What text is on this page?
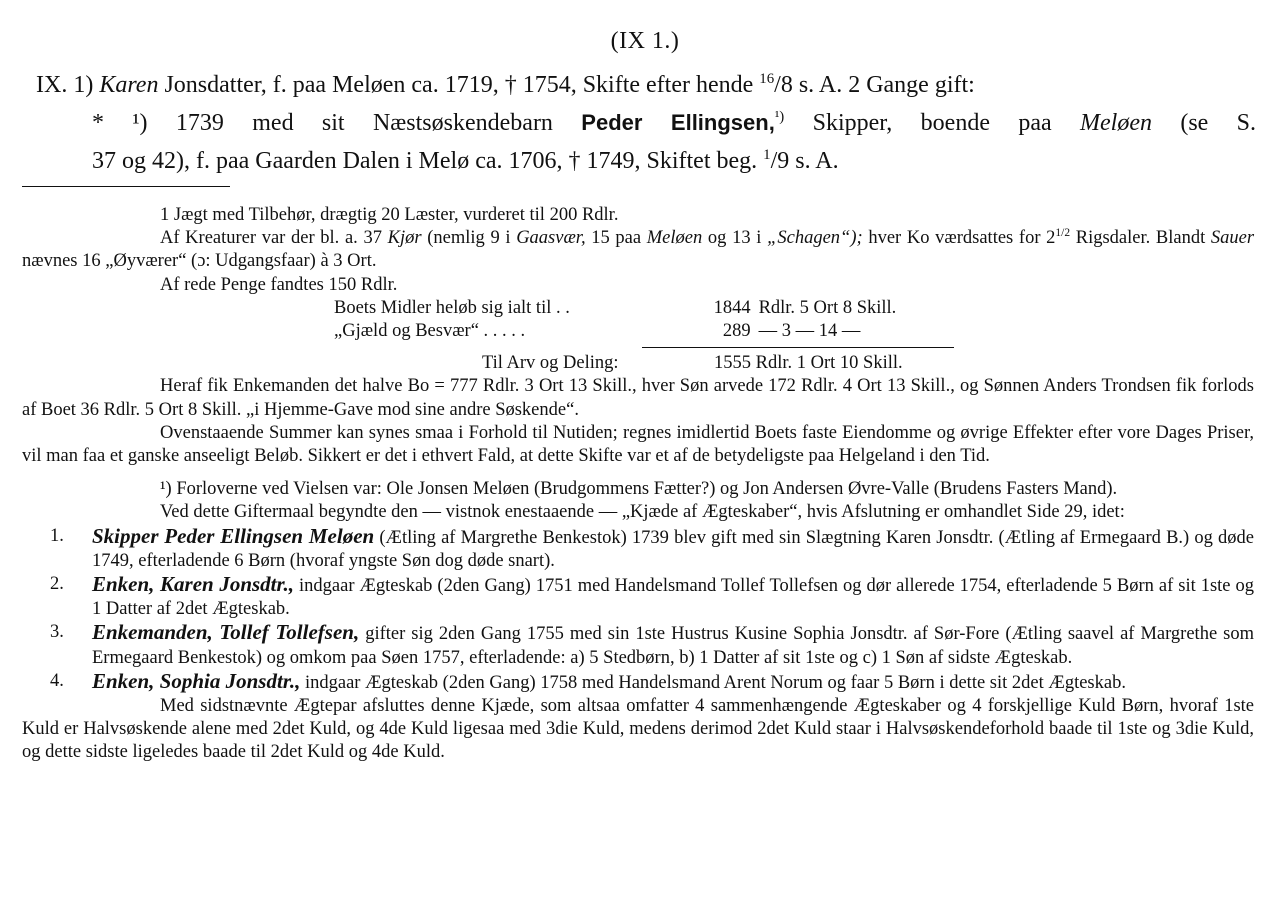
(IX 1.)

IX. 1) Karen Jonsdatter, f. paa Meløen ca. 1719, † 1754, Skifte efter hende $^{16}$/8 s. A. 2 Gange gift:

* ¹) 1739 med sit Næstsøskendebarn Peder Ellingsen,$^{^1)}$ Skipper, boende paa Meløen (se S.

37 og 42), f. paa Gaarden Dalen i Melø ca. 1706, † 1749, Skiftet beg. $^1$/9 s. A.

1 Jægt med Tilbehør, drægtig 20 Læster, vurderet til 200 Rdlr.

Af Kreaturer var der bl. a. 37 Kjør (nemlig 9 i Gaasvær, 15 paa Meløen og 13 i „Schagen“); hver Ko værdsattes for $2^{1/2}$ Rigsdaler. Blandt Sauer nævnes 16 „Øyværer“ (ɔ: Udgangsfaar) à 3 Ort.

Af rede Penge fandtes 150 Rdlr.

Boets Midler heløb sig ialt til . .	1844 Rdlr. 5 Ort 8 Skill.
„Gjæld og Besvær“ . . . . .	289 — 3 — 14 —
Til Arv og Deling:	1555 Rdlr. 1 Ort 10 Skill.

Heraf fik Enkemanden det halve Bo = 777 Rdlr. 3 Ort 13 Skill., hver Søn arvede 172 Rdlr. 4 Ort 13 Skill., og Sønnen Anders Trondsen fik forlods af Boet 36 Rdlr. 5 Ort 8 Skill. „i Hjemme-Gave mod sine andre Søskende“.

Ovenstaaende Summer kan synes smaa i Forhold til Nutiden; regnes imidlertid Boets faste Eiendomme og øvrige Effekter efter vore Dages Priser, vil man faa et ganske anseeligt Beløb. Sikkert er det i ethvert Fald, at dette Skifte var et af de betydeligste paa Helgeland i den Tid.

¹) Forloverne ved Vielsen var: Ole Jonsen Meløen (Brudgommens Fætter?) og Jon Andersen Øvre-Valle (Brudens Fasters Mand).

Ved dette Giftermaal begyndte den — vistnok enestaaende — „Kjæde af Ægteskaber“, hvis Afslutning er omhandlet Side 29, idet:

1.	Skipper Peder Ellingsen Meløen (Ætling af Margrethe Benkestok) 1739 blev gift med sin Slægtning Karen Jonsdtr. (Ætling af Ermegaard B.) og døde 1749, efterladende 6 Børn (hvoraf yngste Søn dog døde snart).
2.	Enken, Karen Jonsdtr., indgaar Ægteskab (2den Gang) 1751 med Handelsmand Tollef Tollefsen og dør allerede 1754, efterladende 5 Børn af sit 1ste og 1 Datter af 2det Ægteskab.
3.	Enkemanden, Tollef Tollefsen, gifter sig 2den Gang 1755 med sin 1ste Hustrus Kusine Sophia Jonsdtr. af Sør-Fore (Ætling saavel af Margrethe som Ermegaard Benkestok) og omkom paa Søen 1757, efterladende: a) 5 Stedbørn, b) 1 Datter af sit 1ste og c) 1 Søn af sidste Ægteskab.
4.	Enken, Sophia Jonsdtr., indgaar Ægteskab (2den Gang) 1758 med Handelsmand Arent Norum og faar 5 Børn i dette sit 2det Ægteskab.

Med sidstnævnte Ægtepar afsluttes denne Kjæde, som altsaa omfatter 4 sammenhængende Ægteskaber og 4 forskjellige Kuld Børn, hvoraf 1ste Kuld er Halvsøskende alene med 2det Kuld, og 4de Kuld ligesaa med 3die Kuld, medens derimod 2det Kuld staar i Halvsøskendeforhold baade til 1ste og 3die Kuld, og dette sidste ligeledes baade til 2det Kuld og 4de Kuld.
